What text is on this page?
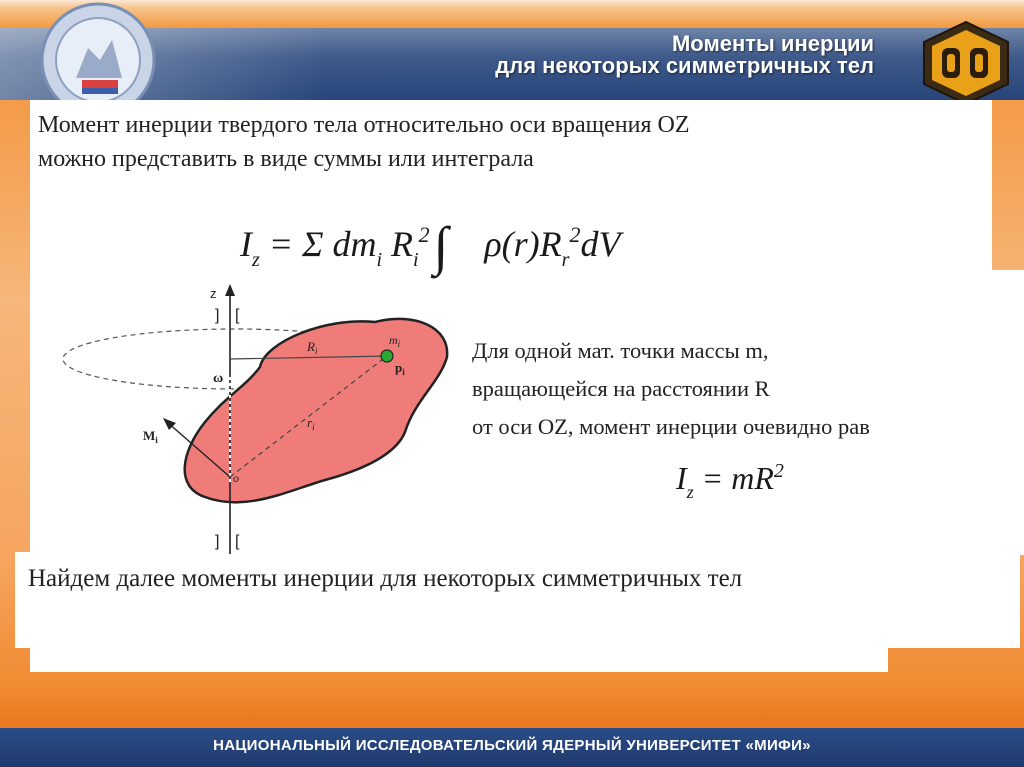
Моменты инерции
для некоторых симметричных тел
Момент инерции твердого тела относительно оси вращения OZ
можно представить в виде суммы или интеграла
$I_z = \Sigma$ $dm_i$ $R_i^2\int$ $\rho(r)R_r^2dV$
z
] [
] [
ω
$R_i$
$m_i$
$p_i$
$r_i$
$M_i$
o
Для одной мат. точки массы m,
вращающейся на расстоянии R
от оси OZ, момент инерции очевидно рав
$I_z = mR^2$
Найдем далее моменты инерции для некоторых симметричных тел
НАЦИОНАЛЬНЫЙ ИССЛЕДОВАТЕЛЬСКИЙ ЯДЕРНЫЙ УНИВЕРСИТЕТ «МИФИ»
